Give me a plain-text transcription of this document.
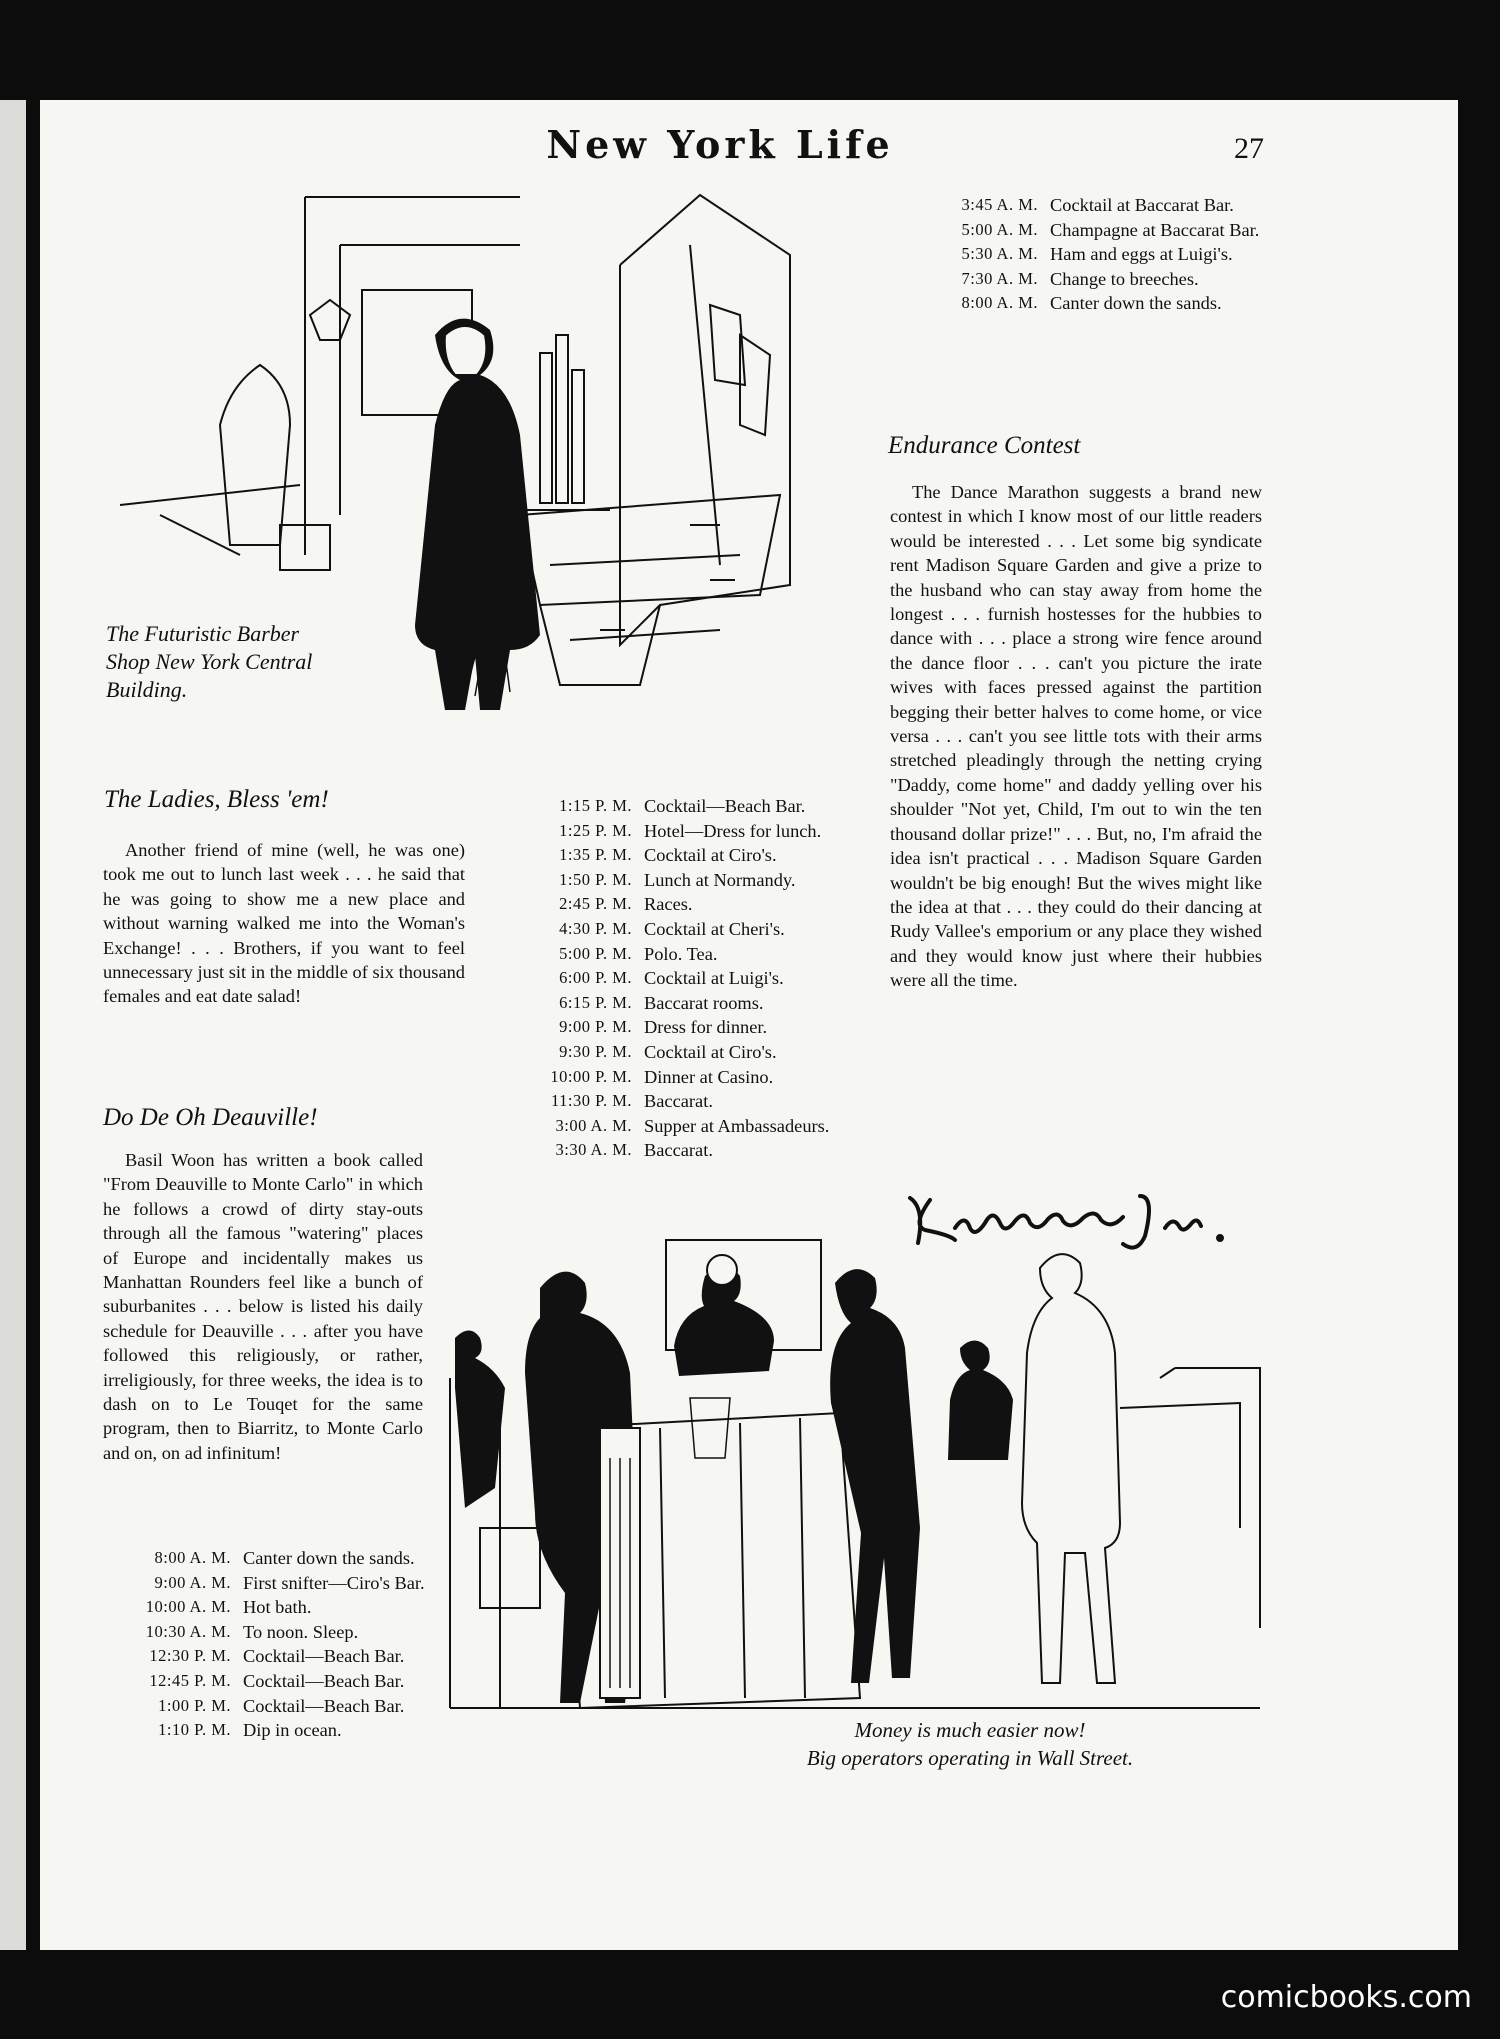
New York Life	27
The Futuristic Barber Shop New York Central Building.
The Ladies, Bless 'em!

Another friend of mine (well, he was one) took me out to lunch last week . . . he said that he was going to show me a new place and without warning walked me into the Woman's Exchange! . . . Brothers, if you want to feel unnecessary just sit in the middle of six thousand females and eat date salad!

Do De Oh Deauville!

Basil Woon has written a book called "From Deauville to Monte Carlo" in which he follows a crowd of dirty stay-outs through all the famous "watering" places of Europe and incidentally makes us Manhattan Rounders feel like a bunch of suburbanites . . . below is listed his daily schedule for Deauville . . . after you have followed this religiously, or rather, irreligiously, for three weeks, the idea is to dash on to Le Touqet for the same program, then to Biarritz, to Monte Carlo and on, on ad infinitum!

8:00 A. M. Canter down the sands.
9:00 A. M. First snifter—Ciro's Bar.
10:00 A. M. Hot bath.
10:30 A. M. To noon. Sleep.
12:30 P. M. Cocktail—Beach Bar.
12:45 P. M. Cocktail—Beach Bar.
1:00 P. M. Cocktail—Beach Bar.
1:10 P. M. Dip in ocean.
1:15 P. M. Cocktail—Beach Bar.
1:25 P. M. Hotel—Dress for lunch.
1:35 P. M. Cocktail at Ciro's.
1:50 P. M. Lunch at Normandy.
2:45 P. M. Races.
4:30 P. M. Cocktail at Cheri's.
5:00 P. M. Polo. Tea.
6:00 P. M. Cocktail at Luigi's.
6:15 P. M. Baccarat rooms.
9:00 P. M. Dress for dinner.
9:30 P. M. Cocktail at Ciro's.
10:00 P. M. Dinner at Casino.
11:30 P. M. Baccarat.
3:00 A. M. Supper at Ambassadeurs.
3:30 A. M. Baccarat.
3:45 A. M. Cocktail at Baccarat Bar.
5:00 A. M. Champagne at Baccarat Bar.
5:30 A. M. Ham and eggs at Luigi's.
7:30 A. M. Change to breeches.
8:00 A. M. Canter down the sands.
Endurance Contest

The Dance Marathon suggests a brand new contest in which I know most of our little readers would be interested . . . Let some big syndicate rent Madison Square Garden and give a prize to the husband who can stay away from home the longest . . . furnish hostesses for the hubbies to dance with . . . place a strong wire fence around the dance floor . . . can't you picture the irate wives with faces pressed against the partition begging their better halves to come home, or vice versa . . . can't you see little tots with their arms stretched pleadingly through the netting crying "Daddy, come home" and daddy yelling over his shoulder "Not yet, Child, I'm out to win the ten thousand dollar prize!" . . . But, no, I'm afraid the idea isn't practical . . . Madison Square Garden wouldn't be big enough! But the wives might like the idea at that . . . they could do their dancing at Rudy Vallee's emporium or any place they wished and they would know just where their hubbies were all the time.

Money is much easier now!
Big operators operating in Wall Street.
comicbooks.com
